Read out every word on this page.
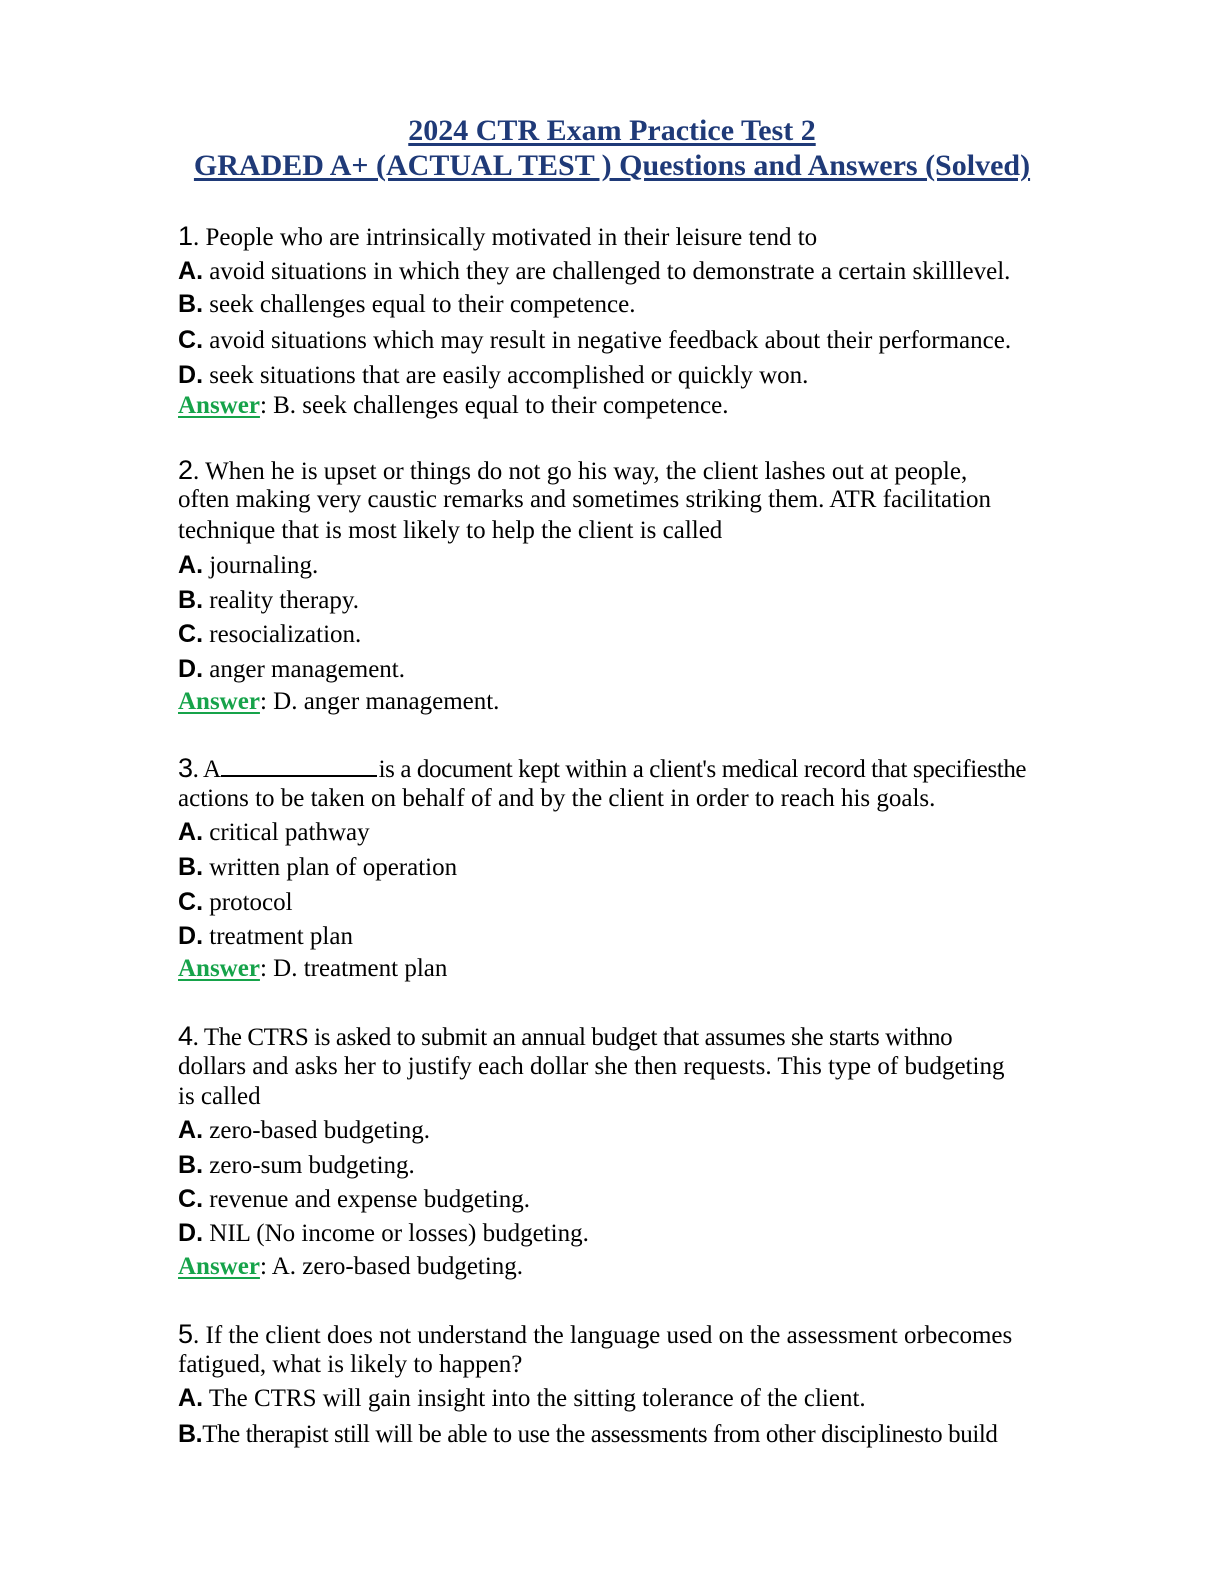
2024 CTR Exam Practice Test 2
GRADED A+ (ACTUAL TEST ) Questions and Answers (Solved)
1. People who are intrinsically motivated in their leisure tend to
A. avoid situations in which they are challenged to demonstrate a certain skilllevel.
B. seek challenges equal to their competence.
C. avoid situations which may result in negative feedback about their performance.
D. seek situations that are easily accomplished or quickly won.
Answer: B. seek challenges equal to their competence.
2. When he is upset or things do not go his way, the client lashes out at people,
often making very caustic remarks and sometimes striking them. ATR facilitation
technique that is most likely to help the client is called
A. journaling.
B. reality therapy.
C. resocialization.
D. anger management.
Answer: D. anger management.
3. A	is a document kept within a client's medical record that specifiesthe
actions to be taken on behalf of and by the client in order to reach his goals.
A. critical pathway
B. written plan of operation
C. protocol
D. treatment plan
Answer: D. treatment plan
4. The CTRS is asked to submit an annual budget that assumes she starts withno
dollars and asks her to justify each dollar she then requests. This type of budgeting
is called
A. zero-based budgeting.
B. zero-sum budgeting.
C. revenue and expense budgeting.
D. NIL (No income or losses) budgeting.
Answer: A. zero-based budgeting.
5. If the client does not understand the language used on the assessment orbecomes
fatigued, what is likely to happen?
A. The CTRS will gain insight into the sitting tolerance of the client.
B.The therapist still will be able to use the assessments from other disciplinesto build
